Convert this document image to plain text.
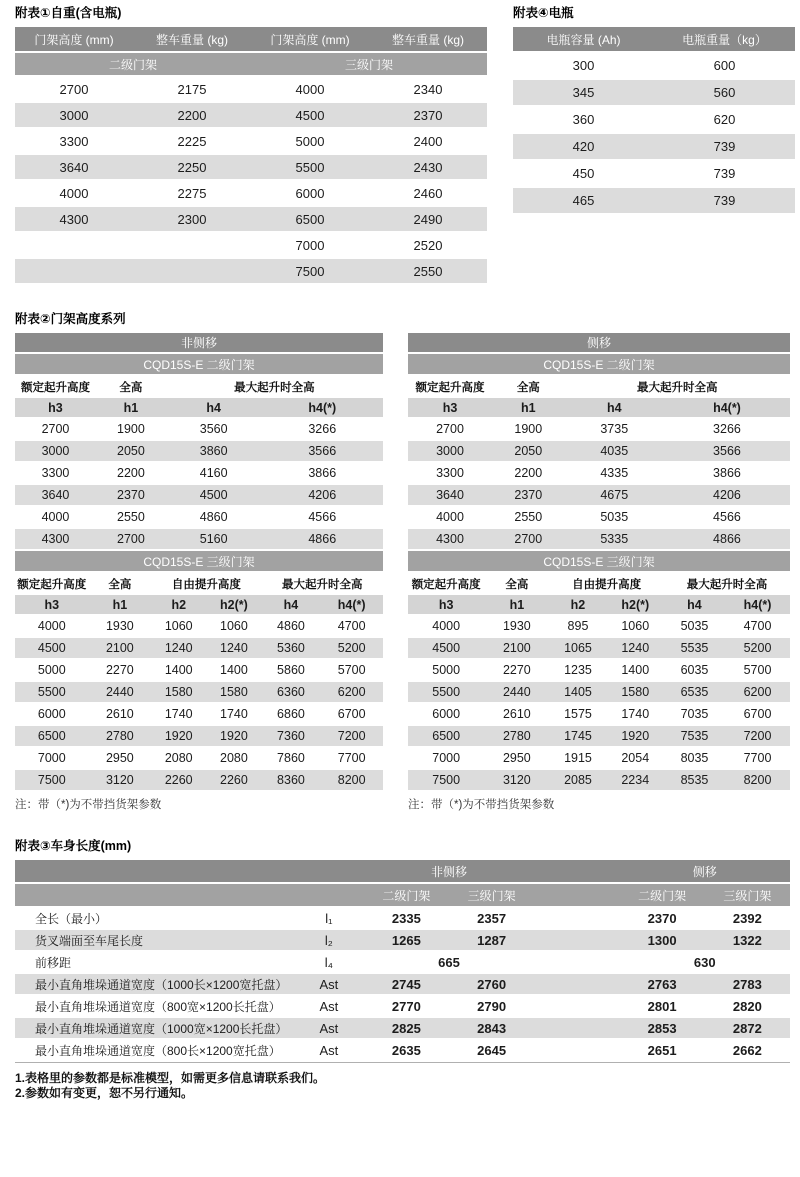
附表①自重(含电瓶)
门架高度 (mm)	整车重量 (kg)	门架高度 (mm)	整车重量 (kg)
二级门架		三级门架	
2700	2175	4000	2340
3000	2200	4500	2370
3300	2225	5000	2400
3640	2250	5500	2430
4000	2275	6000	2460
4300	2300	6500	2490
		7000	2520
		7500	2550
附表④电瓶
电瓶容量 (Ah)	电瓶重量（kg）
300	600
345	560
360	620
420	739
450	739
465	739
附表②门架高度系列
非侧移			
CQD15S-E 二级门架			
额定起升高度	全高	最大起升时全高	
h3	h1	h4	h4(*)
2700	1900	3560	3266
3000	2050	3860	3566
3300	2200	4160	3866
3640	2370	4500	4206
4000	2550	4860	4566
4300	2700	5160	4866
CQD15S-E 三级门架					
额定起升高度	全高	自由提升高度		最大起升时全高	
h3	h1	h2	h2(*)	h4	h4(*)
4000	1930	1060	1060	4860	4700
4500	2100	1240	1240	5360	5200
5000	2270	1400	1400	5860	5700
5500	2440	1580	1580	6360	6200
6000	2610	1740	1740	6860	6700
6500	2780	1920	1920	7360	7200
7000	2950	2080	2080	7860	7700
7500	3120	2260	2260	8360	8200
注：带（*)为不带挡货架参数
侧移			
CQD15S-E 二级门架			
额定起升高度	全高	最大起升时全高	
h3	h1	h4	h4(*)
2700	1900	3735	3266
3000	2050	4035	3566
3300	2200	4335	3866
3640	2370	4675	4206
4000	2550	5035	4566
4300	2700	5335	4866
CQD15S-E 三级门架					
额定起升高度	全高	自由提升高度		最大起升时全高	
h3	h1	h2	h2(*)	h4	h4(*)
4000	1930	895	1060	5035	4700
4500	2100	1065	1240	5535	5200
5000	2270	1235	1400	6035	5700
5500	2440	1405	1580	6535	6200
6000	2610	1575	1740	7035	6700
6500	2780	1745	1920	7535	7200
7000	2950	1915	2054	8035	7700
7500	3120	2085	2234	8535	8200
注：带（*)为不带挡货架参数
附表③车身长度(mm)
		非侧移			侧移	
		二级门架	三级门架		二级门架	三级门架
全长（最小）	l₁	2335	2357		2370	2392
货叉端面至车尾长度	l₂	1265	1287		1300	1322
前移距	l₄	665			630	
最小直角堆垛通道宽度（1000长×1200宽托盘）	Ast	2745	2760		2763	2783
最小直角堆垛通道宽度（800宽×1200长托盘）	Ast	2770	2790		2801	2820
最小直角堆垛通道宽度（1000宽×1200长托盘）	Ast	2825	2843		2853	2872
最小直角堆垛通道宽度（800长×1200宽托盘）	Ast	2635	2645		2651	2662
1.表格里的参数都是标准模型，如需更多信息请联系我们。
2.参数如有变更，恕不另行通知。
